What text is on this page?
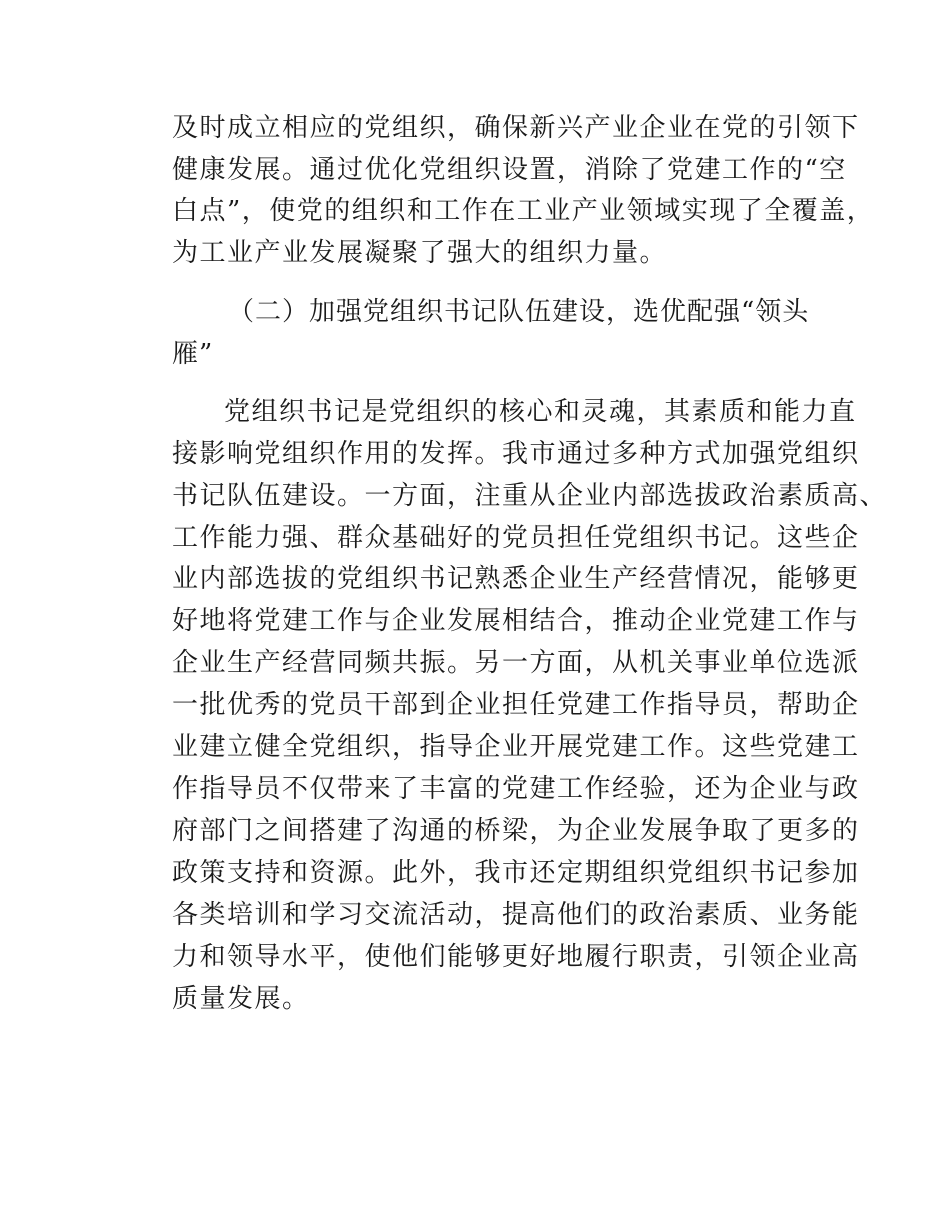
及时成立相应的党组织，确保新兴产业企业在党的引领下
健康发展。通过优化党组织设置，消除了党建工作的“空
白点”，使党的组织和工作在工业产业领域实现了全覆盖，
为工业产业发展凝聚了强大的组织力量。
（二）加强党组织书记队伍建设，选优配强“领头
雁”
党组织书记是党组织的核心和灵魂，其素质和能力直
接影响党组织作用的发挥。我市通过多种方式加强党组织
书记队伍建设。一方面，注重从企业内部选拔政治素质高、
工作能力强、群众基础好的党员担任党组织书记。这些企
业内部选拔的党组织书记熟悉企业生产经营情况，能够更
好地将党建工作与企业发展相结合，推动企业党建工作与
企业生产经营同频共振。另一方面，从机关事业单位选派
一批优秀的党员干部到企业担任党建工作指导员，帮助企
业建立健全党组织，指导企业开展党建工作。这些党建工
作指导员不仅带来了丰富的党建工作经验，还为企业与政
府部门之间搭建了沟通的桥梁，为企业发展争取了更多的
政策支持和资源。此外，我市还定期组织党组织书记参加
各类培训和学习交流活动，提高他们的政治素质、业务能
力和领导水平，使他们能够更好地履行职责，引领企业高
质量发展。
